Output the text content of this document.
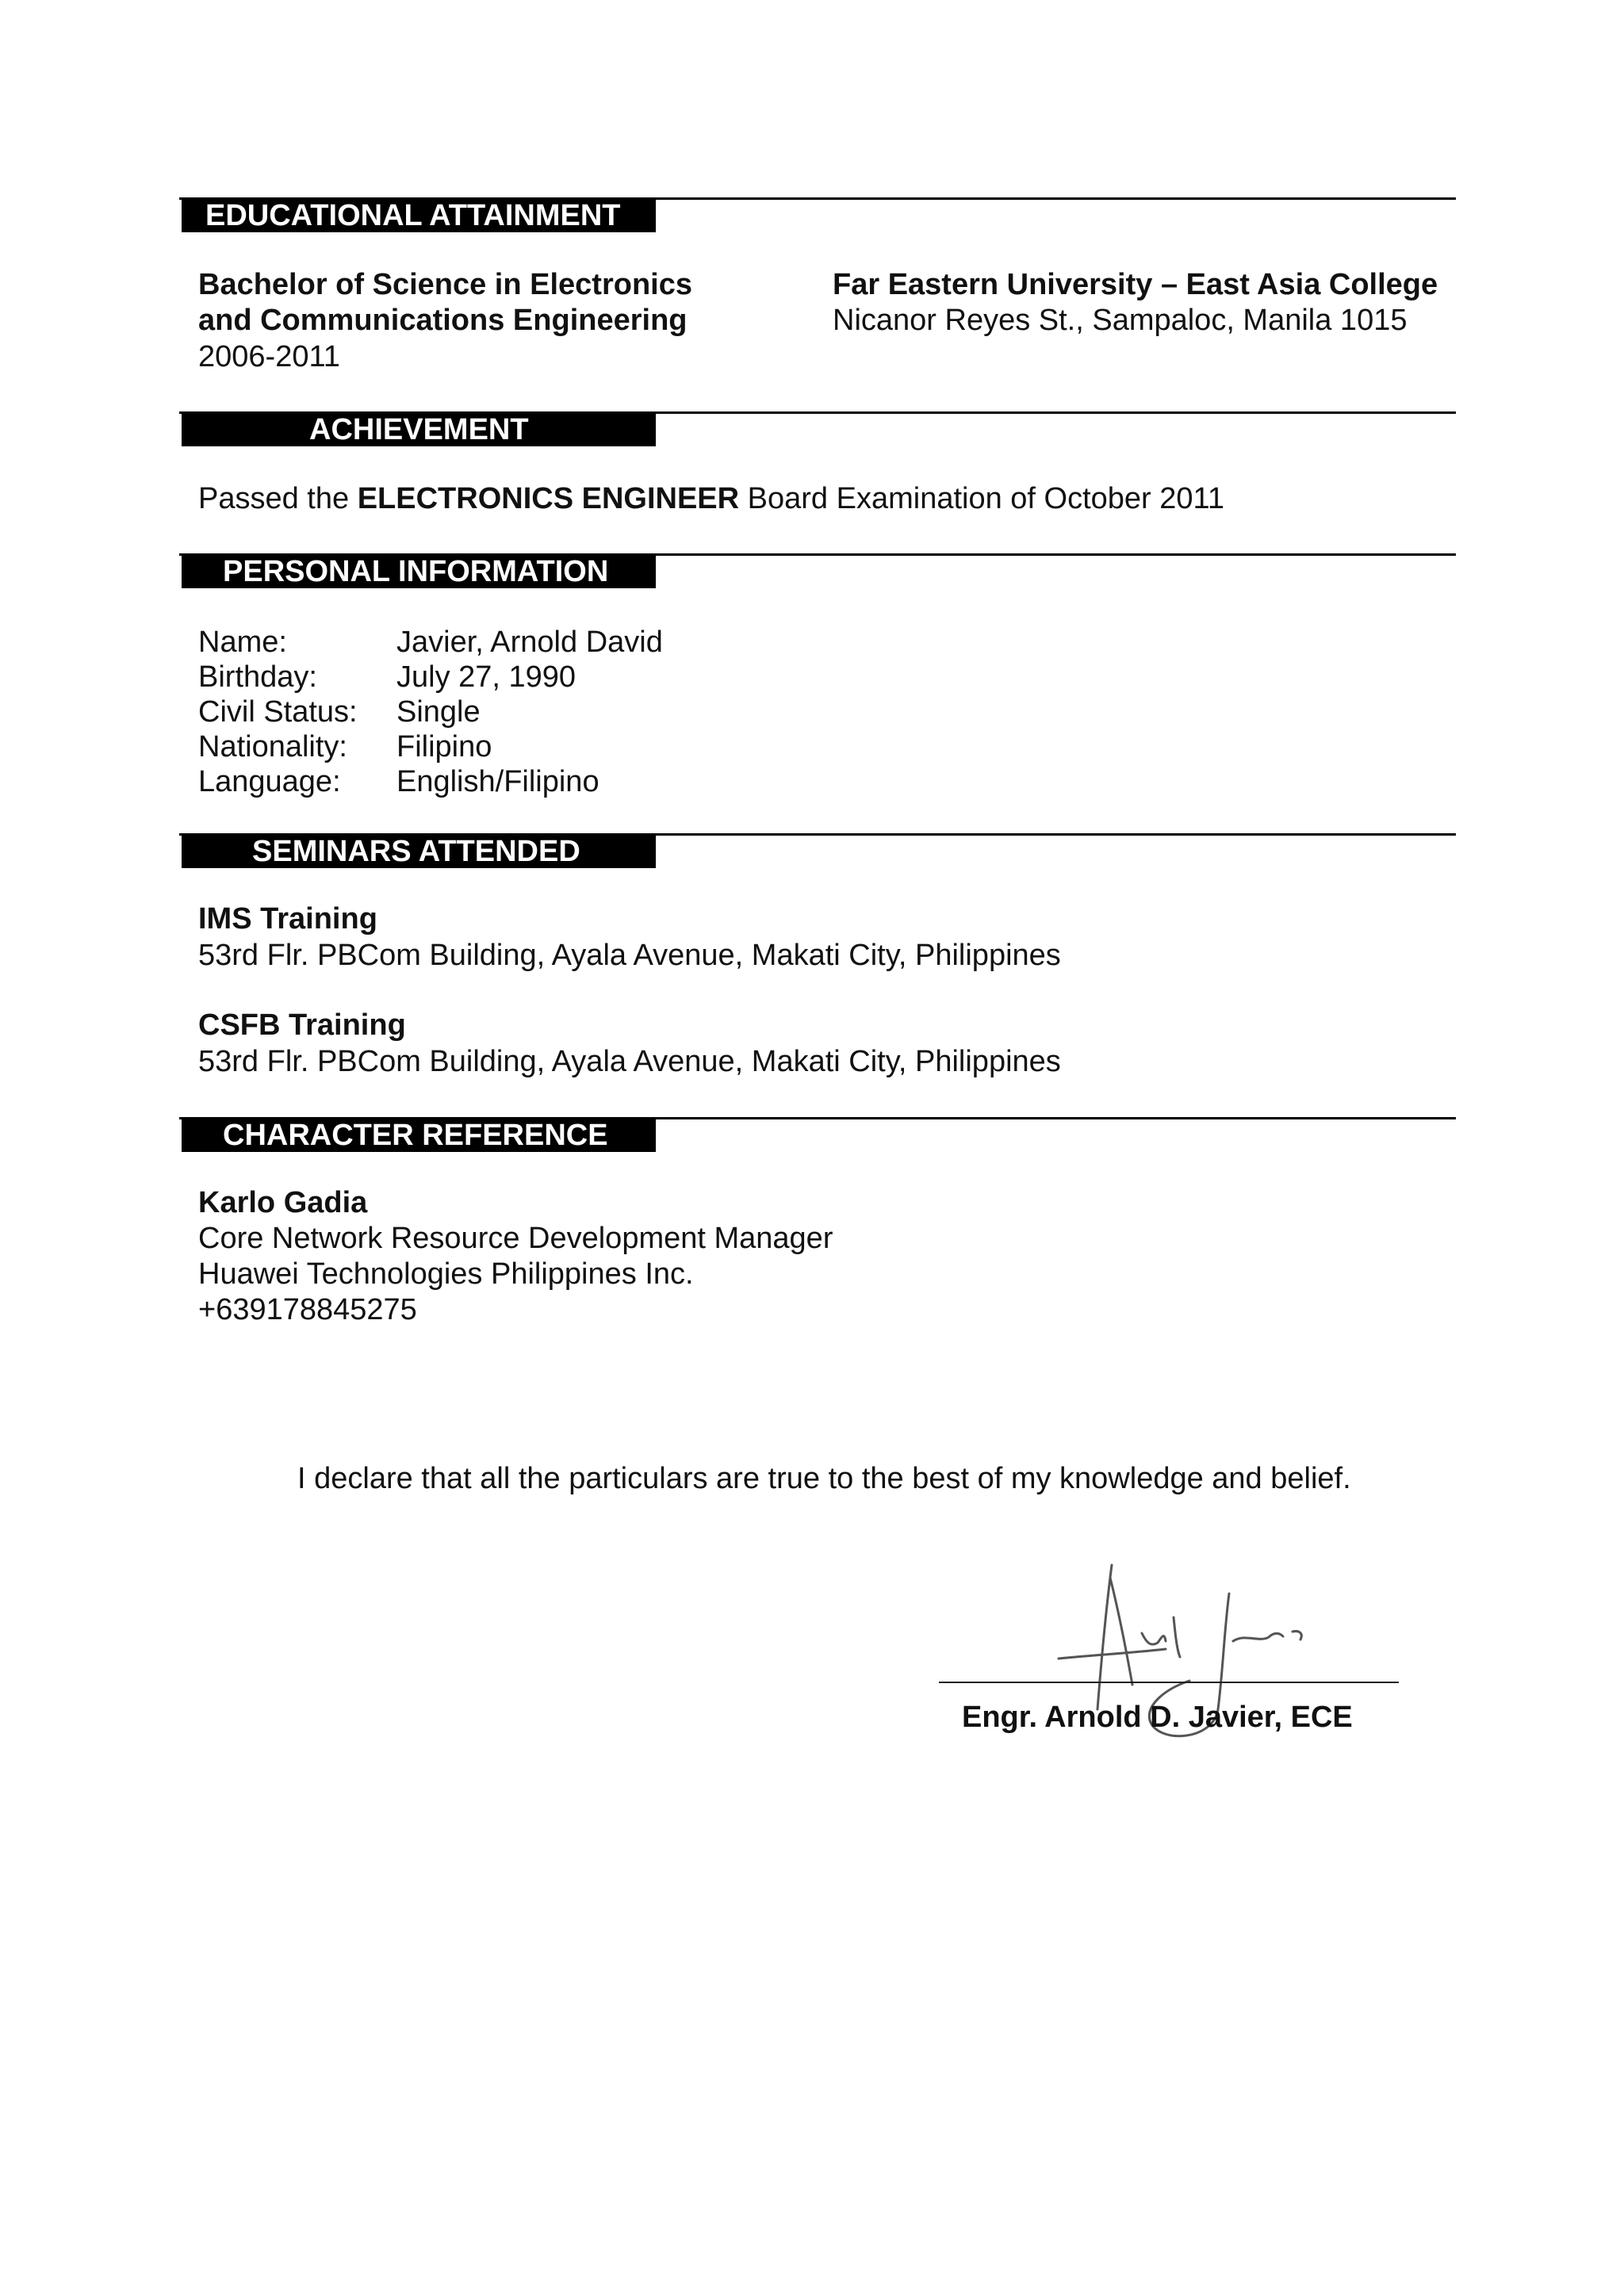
EDUCATIONAL ATTAINMENT
Bachelor of Science in Electronics
and Communications Engineering
2006-2011
Far Eastern University – East Asia College
Nicanor Reyes St., Sampaloc, Manila 1015
ACHIEVEMENT
Passed the ELECTRONICS ENGINEER Board Examination of October 2011
PERSONAL INFORMATION
Name:	Javier, Arnold David
Birthday:	July 27, 1990
Civil Status:	Single
Nationality:	Filipino
Language:	English/Filipino
SEMINARS ATTENDED
IMS Training
53rd Flr. PBCom Building, Ayala Avenue, Makati City, Philippines
CSFB Training
53rd Flr. PBCom Building, Ayala Avenue, Makati City, Philippines
CHARACTER REFERENCE
Karlo Gadia
Core Network Resource Development Manager
Huawei Technologies Philippines Inc.
+639178845275
I declare that all the particulars are true to the best of my knowledge and belief.
Engr. Arnold D. Javier, ECE
